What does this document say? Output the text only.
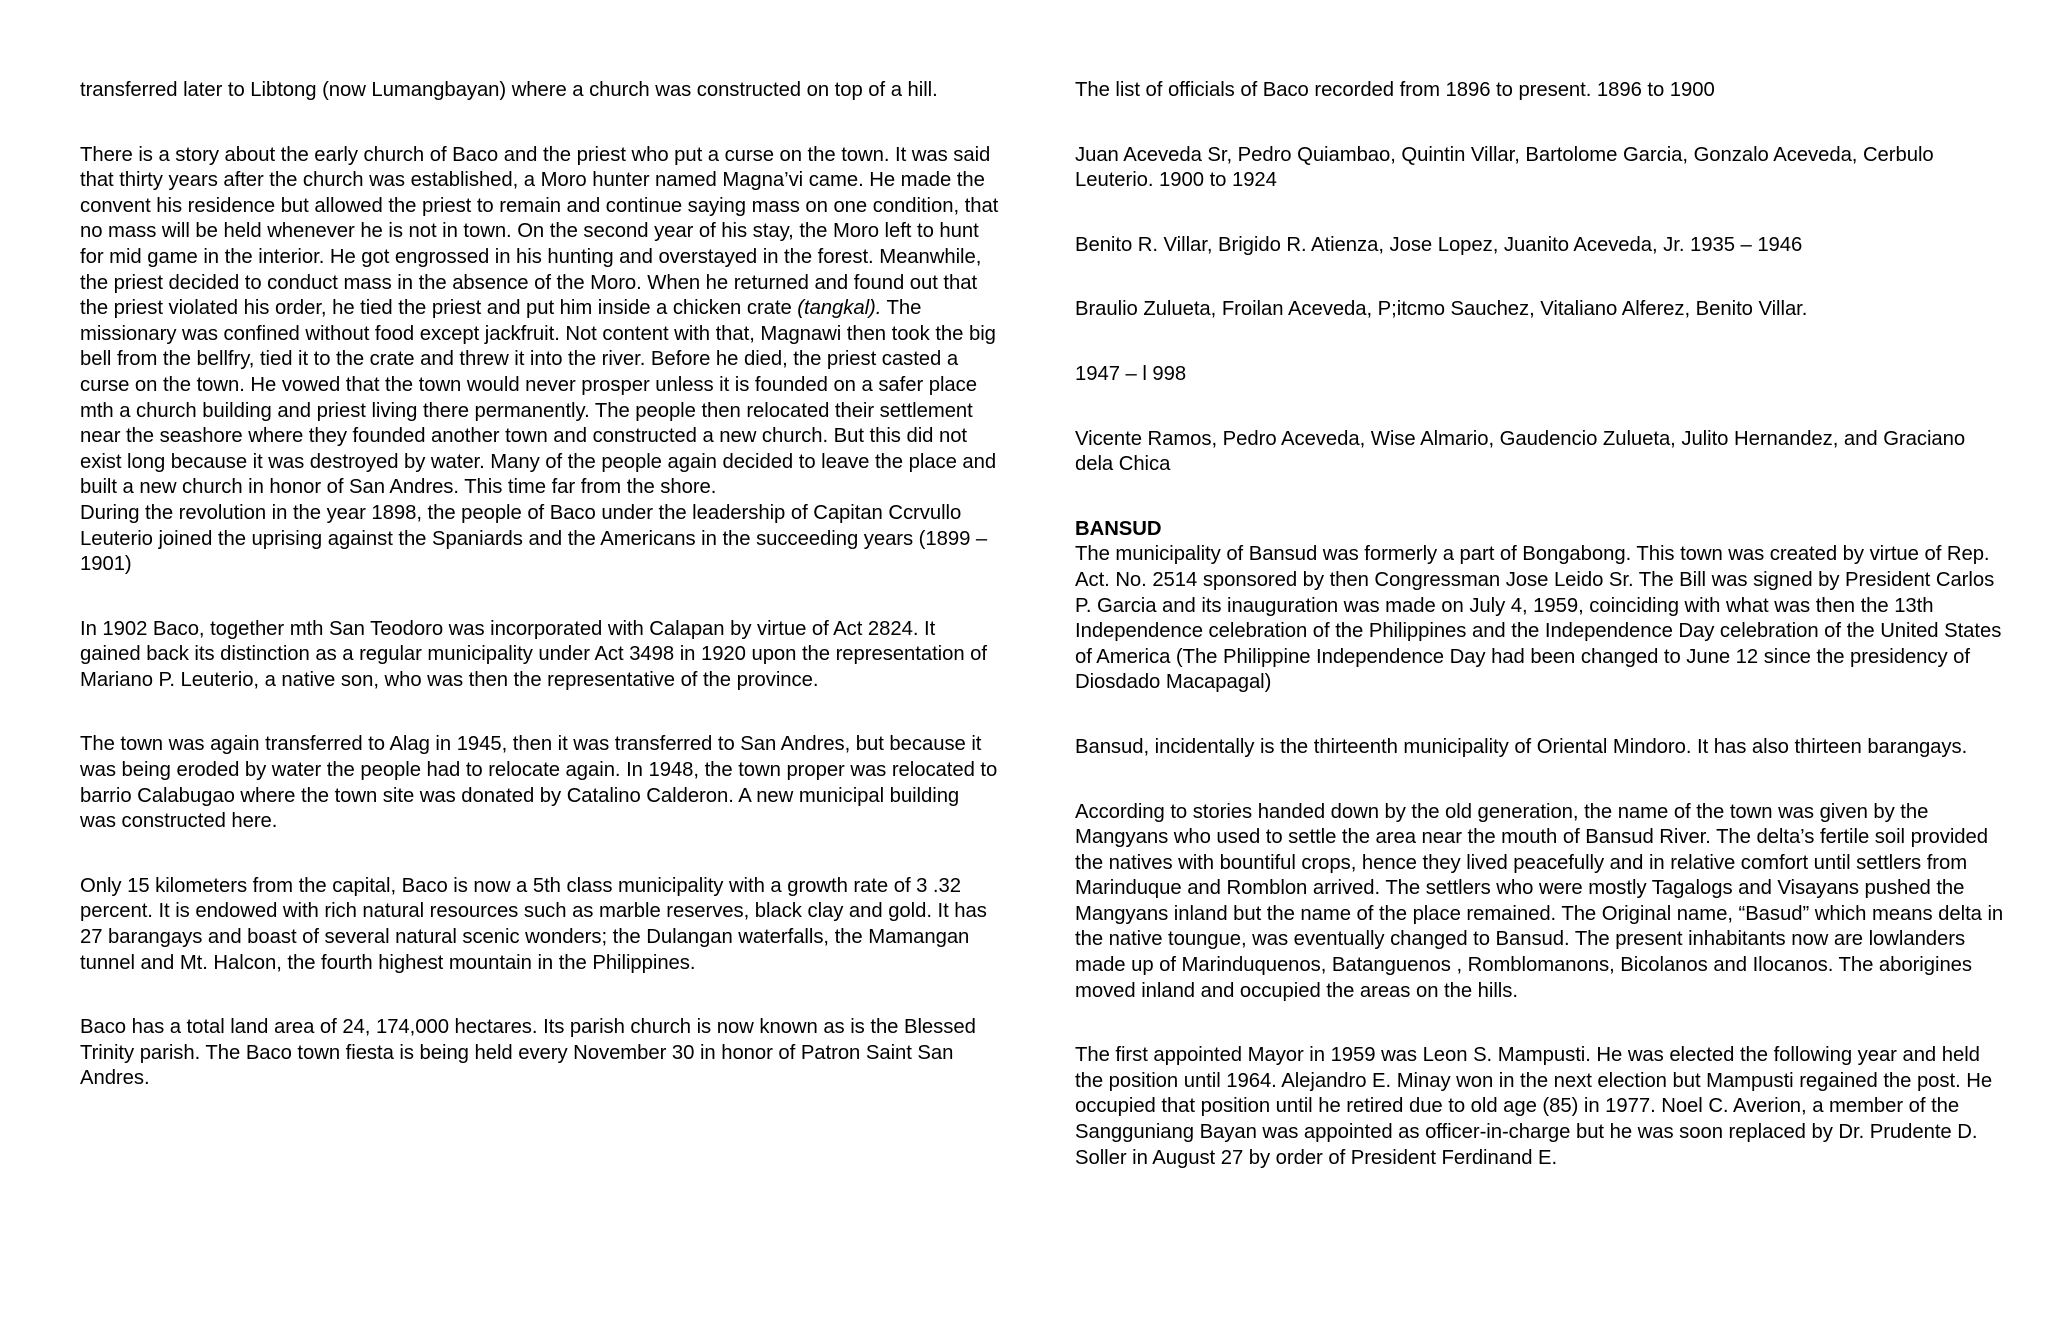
transferred later to Libtong (now Lumangbayan) where a church was constructed on top of a hill.

There is a story about the early church of Baco and the priest who put a curse on the town. It was said that thirty years after the church was established, a Moro hunter named Magna’vi came. He made the convent his residence but allowed the priest to remain and continue saying mass on one condition, that no mass will be held whenever he is not in town. On the second year of his stay, the Moro left to hunt for mid game in the interior. He got engrossed in his hunting and overstayed in the forest. Meanwhile, the priest decided to conduct mass in the absence of the Moro. When he returned and found out that the priest violated his order, he tied the priest and put him inside a chicken crate (tangkal). The missionary was confined without food except jackfruit. Not content with that, Magnawi then took the big bell from the bellfry, tied it to the crate and threw it into the river. Before he died, the priest casted a curse on the town. He vowed that the town would never prosper unless it is founded on a safer place mth a church building and priest living there permanently. The people then relocated their settlement near the seashore where they founded another town and constructed a new church. But this did not exist long because it was destroyed by water. Many of the people again decided to leave the place and built a new church in honor of San Andres. This time far from the shore.

During the revolution in the year 1898, the people of Baco under the leadership of Capitan Ccrvullo Leuterio joined the uprising against the Spaniards and the Americans in the succeeding years (1899 – 1901)

In 1902 Baco, together mth San Teodoro was incorporated with Calapan by virtue of Act 2824. It gained back its distinction as a regular municipality under Act 3498 in 1920 upon the representation of Mariano P. Leuterio, a native son, who was then the representative of the province.

The town was again transferred to Alag in 1945, then it was transferred to San Andres, but because it was being eroded by water the people had to relocate again. In 1948, the town proper was relocated to barrio Calabugao where the town site was donated by Catalino Calderon. A new municipal building was constructed here.

Only 15 kilometers from the capital, Baco is now a 5th class municipality with a growth rate of 3 .32 percent. It is endowed with rich natural resources such as marble reserves, black clay and gold. It has 27 barangays and boast of several natural scenic wonders; the Dulangan waterfalls, the Mamangan tunnel and Mt. Halcon, the fourth highest mountain in the Philippines.

Baco has a total land area of 24, 174,000 hectares. Its parish church is now known as is the Blessed Trinity parish. The Baco town fiesta is being held every November 30 in honor of Patron Saint San Andres.

The list of officials of Baco recorded from 1896 to present. 1896 to 1900

Juan Aceveda Sr, Pedro Quiambao, Quintin Villar, Bartolome Garcia, Gonzalo Aceveda, Cerbulo Leuterio. 1900 to 1924

Benito R. Villar, Brigido R. Atienza, Jose Lopez, Juanito Aceveda, Jr. 1935 – 1946

Braulio Zulueta, Froilan Aceveda, P;itcmo Sauchez, Vitaliano Alferez, Benito Villar.

1947 – l 998

Vicente Ramos, Pedro Aceveda, Wise Almario, Gaudencio Zulueta, Julito Hernandez, and Graciano dela Chica

BANSUD
The municipality of Bansud was formerly a part of Bongabong. This town was created by virtue of Rep. Act. No. 2514 sponsored by then Congressman Jose Leido Sr. The Bill was signed by President Carlos P. Garcia and its inauguration was made on July 4, 1959, coinciding with what was then the 13th Independence celebration of the Philippines and the Independence Day celebration of the United States of America (The Philippine Independence Day had been changed to June 12 since the presidency of Diosdado Macapagal)

Bansud, incidentally is the thirteenth municipality of Oriental Mindoro. It has also thirteen barangays.

According to stories handed down by the old generation, the name of the town was given by the Mangyans who used to settle the area near the mouth of Bansud River. The delta’s fertile soil provided the natives with bountiful crops, hence they lived peacefully and in relative comfort until settlers from Marinduque and Romblon arrived. The settlers who were mostly Tagalogs and Visayans pushed the Mangyans inland but the name of the place remained. The Original name, “Basud” which means delta in the native toungue, was eventually changed to Bansud. The present inhabitants now are lowlanders made up of Marinduquenos, Batanguenos , Romblomanons, Bicolanos and Ilocanos. The aborigines moved inland and occupied the areas on the hills.

The first appointed Mayor in 1959 was Leon S. Mampusti. He was elected the following year and held the position until 1964. Alejandro E. Minay won in the next election but Mampusti regained the post. He occupied that position until he retired due to old age (85) in 1977. Noel C. Averion, a member of the Sangguniang Bayan was appointed as officer-in-charge but he was soon replaced by Dr. Prudente D. Soller in August 27 by order of President Ferdinand E.
